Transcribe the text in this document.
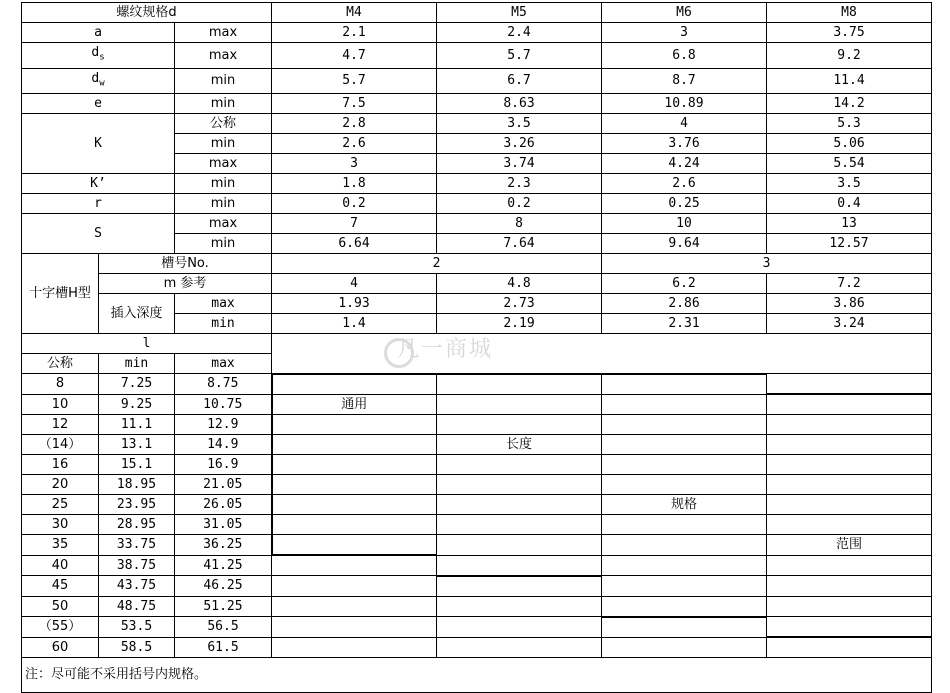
螺纹规格d			M4	M5	M6	M8
a		max	2.1	2.4	3	3.75
$d_s$		max	4.7	5.7	6.8	9.2
$d_w$		min	5.7	6.7	8.7	11.4
e		min	7.5	8.63	10.89	14.2
K		公称	2.8	3.5	4	5.3
		min	2.6	3.26	3.76	5.06
		max	3	3.74	4.24	5.54
K’		min	1.8	2.3	2.6	3.5
r		min	0.2	0.2	0.25	0.4
S		max	7	8	10	13
		min	6.64	7.64	9.64	12.57
十字槽H型	槽号No.		2		3	
	m 参考		4	4.8	6.2	7.2
	插入深度	max	1.93	2.73	2.86	3.86
		min	1.4	2.19	2.31	3.24
l			凡一商城			

公称	min	max				
8	7.25	8.75				
10	9.25	10.75	通用			
12	11.1	12.9				
（14）	13.1	14.9		长度		
16	15.1	16.9				
20	18.95	21.05				
25	23.95	26.05			规格	
30	28.95	31.05				
35	33.75	36.25				范围
40	38.75	41.25				
45	43.75	46.25				
50	48.75	51.25				
（55）	53.5	56.5				
60	58.5	61.5				
注：尽可能不采用括号内规格。						
